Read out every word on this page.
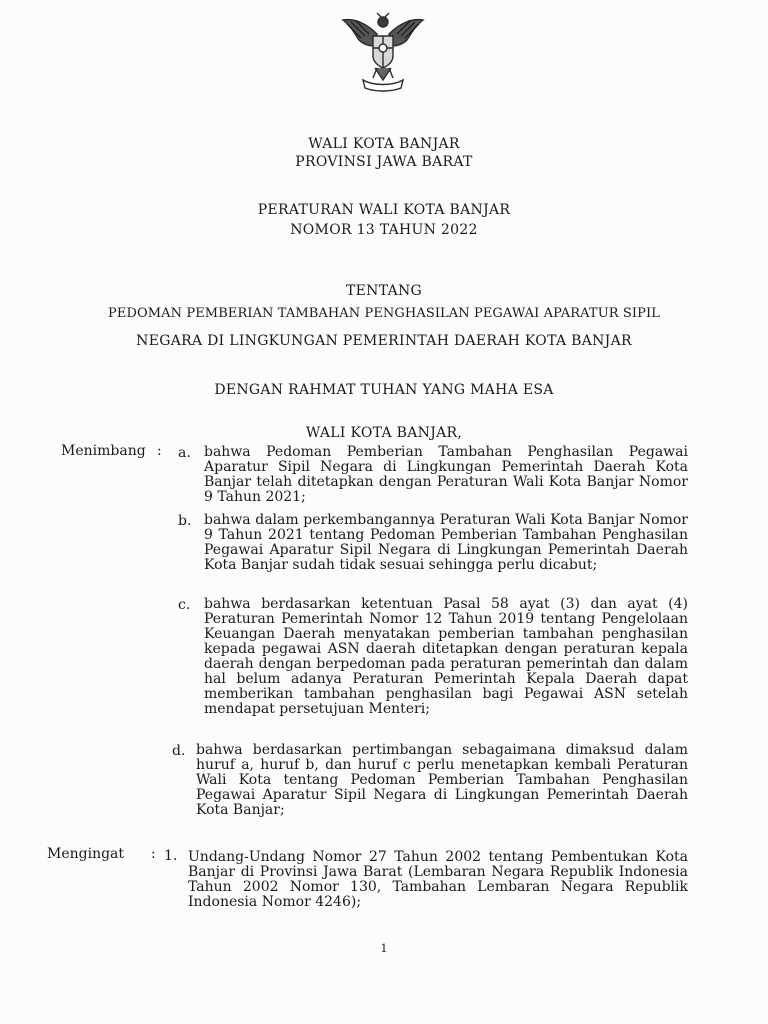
WALI KOTA BANJAR
PROVINSI JAWA BARAT
PERATURAN WALI KOTA BANJAR
NOMOR 13 TAHUN 2022
TENTANG
PEDOMAN PEMBERIAN TAMBAHAN PENGHASILAN PEGAWAI APARATUR SIPIL
NEGARA DI LINGKUNGAN PEMERINTAH DAERAH KOTA BANJAR
DENGAN RAHMAT TUHAN YANG MAHA ESA
WALI KOTA BANJAR,
Menimbang : a. bahwa Pedoman Pemberian Tambahan Penghasilan Pegawai Aparatur Sipil Negara di Lingkungan Pemerintah Daerah Kota Banjar telah ditetapkan dengan Peraturan Wali Kota Banjar Nomor 9 Tahun 2021;
b. bahwa dalam perkembangannya Peraturan Wali Kota Banjar Nomor 9 Tahun 2021 tentang Pedoman Pemberian Tambahan Penghasilan Pegawai Aparatur Sipil Negara di Lingkungan Pemerintah Daerah Kota Banjar sudah tidak sesuai sehingga perlu dicabut;
c. bahwa berdasarkan ketentuan Pasal 58 ayat (3) dan ayat (4) Peraturan Pemerintah Nomor 12 Tahun 2019 tentang Pengelolaan Keuangan Daerah menyatakan pemberian tambahan penghasilan kepada pegawai ASN daerah ditetapkan dengan peraturan kepala daerah dengan berpedoman pada peraturan pemerintah dan dalam hal belum adanya Peraturan Pemerintah Kepala Daerah dapat memberikan tambahan penghasilan bagi Pegawai ASN setelah mendapat persetujuan Menteri;
d. bahwa berdasarkan pertimbangan sebagaimana dimaksud dalam huruf a, huruf b, dan huruf c perlu menetapkan kembali Peraturan Wali Kota tentang Pedoman Pemberian Tambahan Penghasilan Pegawai Aparatur Sipil Negara di Lingkungan Pemerintah Daerah Kota Banjar;
Mengingat : 1. Undang-Undang Nomor 27 Tahun 2002 tentang Pembentukan Kota Banjar di Provinsi Jawa Barat (Lembaran Negara Republik Indonesia Tahun 2002 Nomor 130, Tambahan Lembaran Negara Republik Indonesia Nomor 4246);
1
